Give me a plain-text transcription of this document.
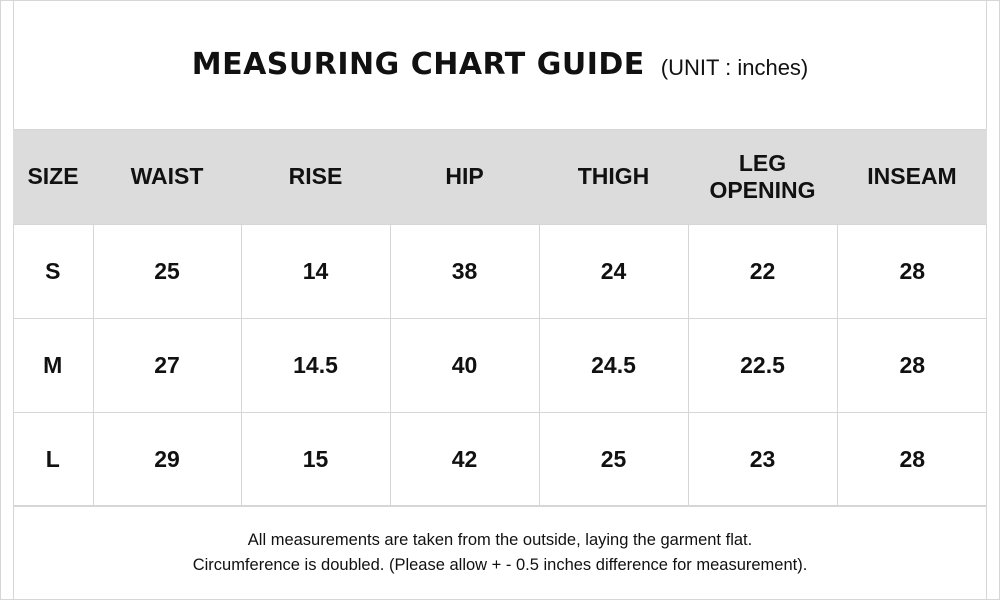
MEASURING CHART GUIDE (UNIT : inches)
SIZE	WAIST	RISE	HIP	THIGH	LEG OPENING	INSEAM
S	25	14	38	24	22	28
M	27	14.5	40	24.5	22.5	28
L	29	15	42	25	23	28
All measurements are taken from the outside, laying the garment flat.
Circumference is doubled. (Please allow + - 0.5 inches difference for measurement).
